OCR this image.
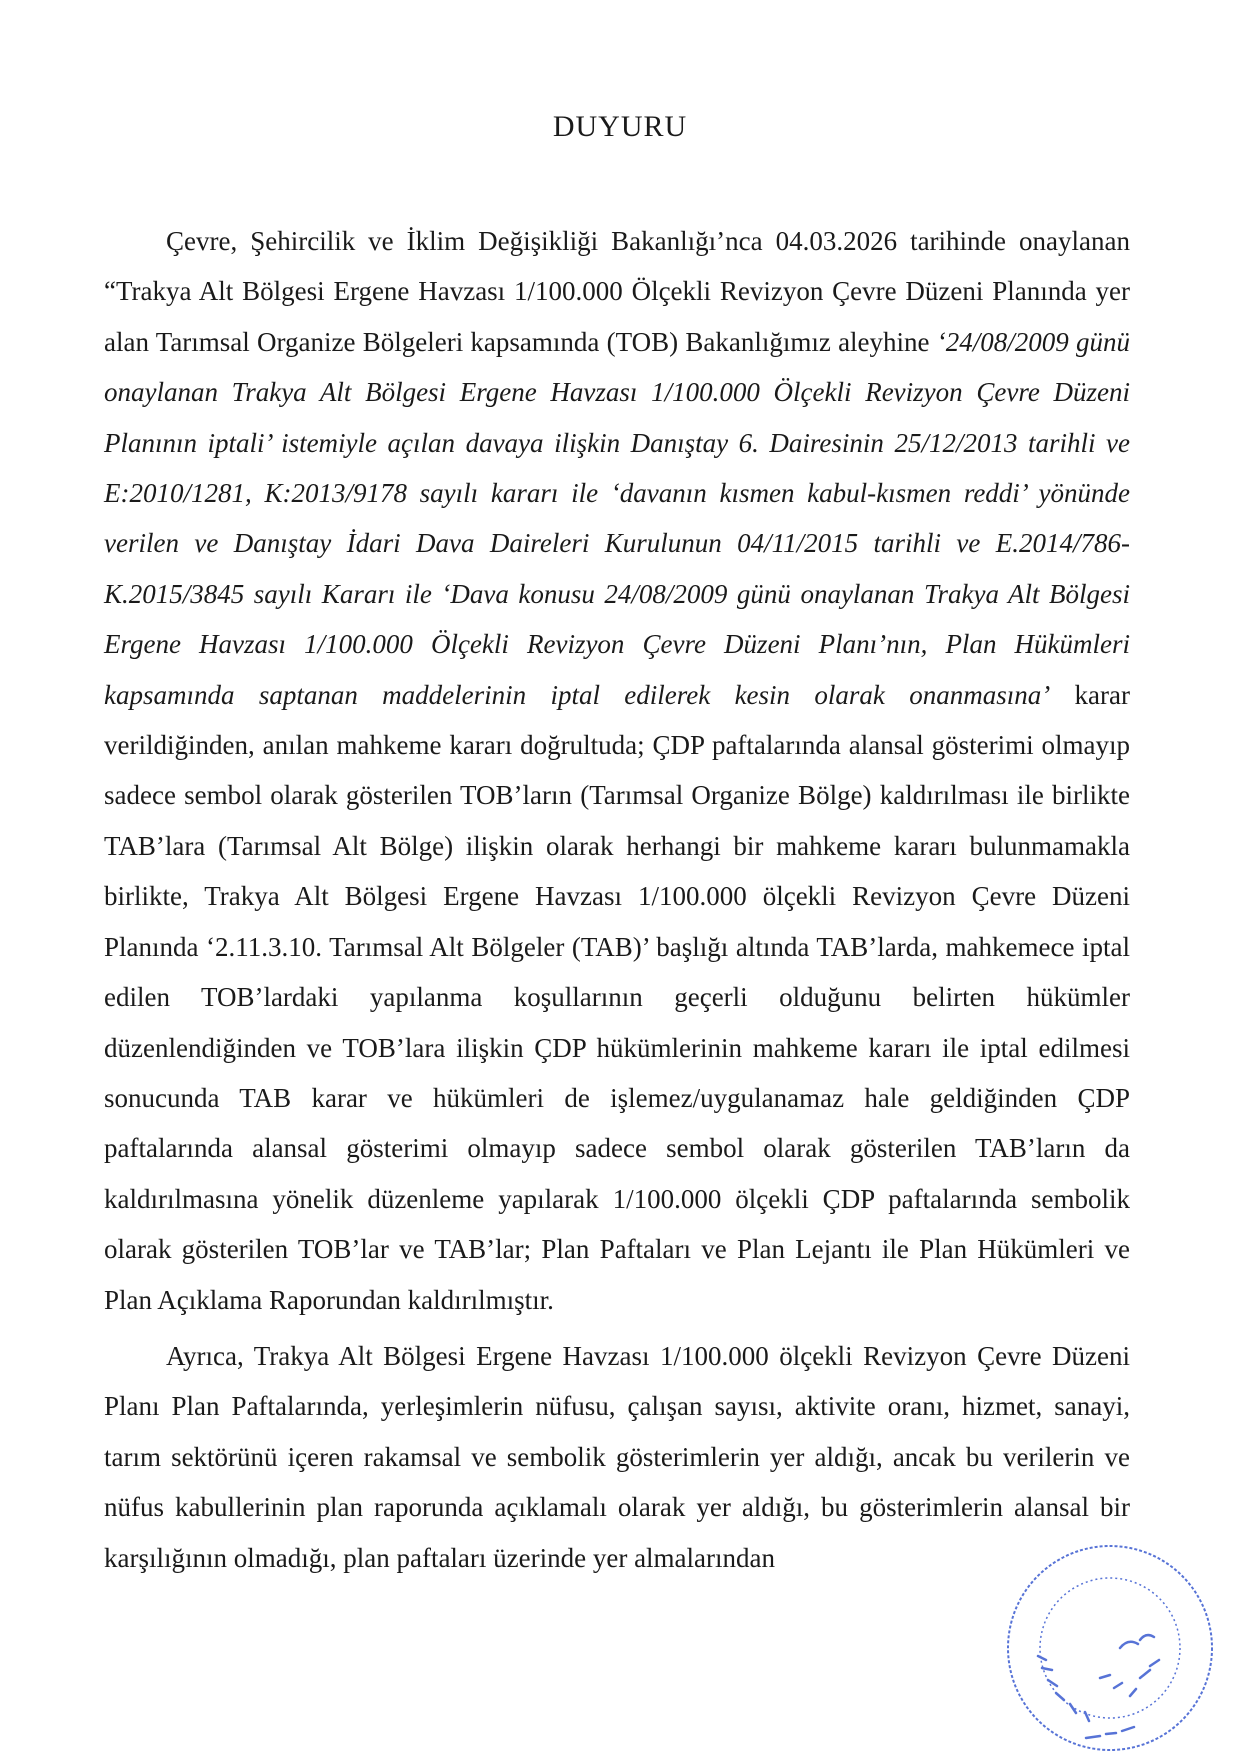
DUYURU

Çevre, Şehircilik ve İklim Değişikliği Bakanlığı’nca 04.03.2026 tarihinde onaylanan “Trakya Alt Bölgesi Ergene Havzası 1/100.000 Ölçekli Revizyon Çevre Düzeni Planında yer alan Tarımsal Organize Bölgeleri kapsamında (TOB) Bakanlığımız aleyhine ‘24/08/2009 günü onaylanan Trakya Alt Bölgesi Ergene Havzası 1/100.000 Ölçekli Revizyon Çevre Düzeni Planının iptali’ istemiyle açılan davaya ilişkin Danıştay 6. Dairesinin 25/12/2013 tarihli ve E:2010/1281, K:2013/9178 sayılı kararı ile ‘davanın kısmen kabul-kısmen reddi’ yönünde verilen ve Danıştay İdari Dava Daireleri Kurulunun 04/11/2015 tarihli ve E.2014/786-K.2015/3845 sayılı Kararı ile ‘Dava konusu 24/08/2009 günü onaylanan Trakya Alt Bölgesi Ergene Havzası 1/100.000 Ölçekli Revizyon Çevre Düzeni Planı’nın, Plan Hükümleri kapsamında saptanan maddelerinin iptal edilerek kesin olarak onanmasına’ karar verildiğinden, anılan mahkeme kararı doğrultuda; ÇDP paftalarında alansal gösterimi olmayıp sadece sembol olarak gösterilen TOB’ların (Tarımsal Organize Bölge) kaldırılması ile birlikte TAB’lara (Tarımsal Alt Bölge) ilişkin olarak herhangi bir mahkeme kararı bulunmamakla birlikte, Trakya Alt Bölgesi Ergene Havzası 1/100.000 ölçekli Revizyon Çevre Düzeni Planında ‘2.11.3.10. Tarımsal Alt Bölgeler (TAB)’ başlığı altında TAB’larda, mahkemece iptal edilen TOB’lardaki yapılanma koşullarının geçerli olduğunu belirten hükümler düzenlendiğinden ve TOB’lara ilişkin ÇDP hükümlerinin mahkeme kararı ile iptal edilmesi sonucunda TAB karar ve hükümleri de işlemez/uygulanamaz hale geldiğinden ÇDP paftalarında alansal gösterimi olmayıp sadece sembol olarak gösterilen TAB’ların da kaldırılmasına yönelik düzenleme yapılarak 1/100.000 ölçekli ÇDP paftalarında sembolik olarak gösterilen TOB’lar ve TAB’lar; Plan Paftaları ve Plan Lejantı ile Plan Hükümleri ve Plan Açıklama Raporundan kaldırılmıştır.

Ayrıca, Trakya Alt Bölgesi Ergene Havzası 1/100.000 ölçekli Revizyon Çevre Düzeni Planı Plan Paftalarında, yerleşimlerin nüfusu, çalışan sayısı, aktivite oranı, hizmet, sanayi, tarım sektörünü içeren rakamsal ve sembolik gösterimlerin yer aldığı, ancak bu verilerin ve nüfus kabullerinin plan raporunda açıklamalı olarak yer aldığı, bu gösterimlerin alansal bir karşılığının olmadığı, plan paftaları üzerinde yer almalarından
